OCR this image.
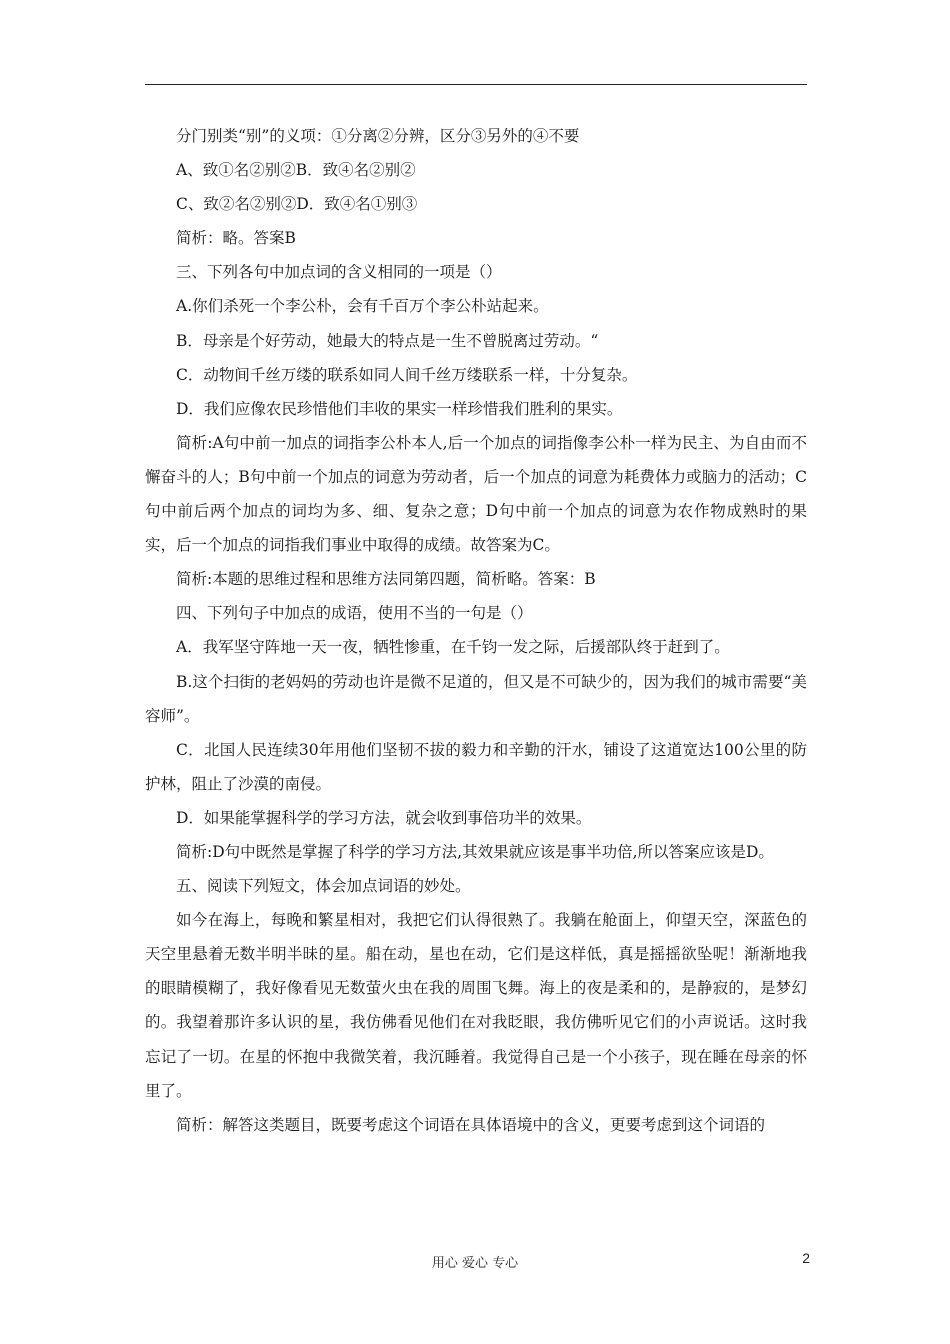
分门别类“别”的义项：①分离②分辨，区分③另外的④不要

A、致①名②别②B．致④名②别②

C、致②名②别②D．致④名①别③

简析：略。答案B

三、下列各句中加点词的含义相同的一项是（）

A.你们杀死一个李公朴，会有千百万个李公朴站起来。

B．母亲是个好劳动，她最大的特点是一生不曾脱离过劳动。“

C．动物间千丝万缕的联系如同人间千丝万缕联系一样，十分复杂。

D．我们应像农民珍惜他们丰收的果实一样珍惜我们胜利的果实。

简析:A句中前一加点的词指李公朴本人,后一个加点的词指像李公朴一样为民主、为自由而不懈奋斗的人；B句中前一个加点的词意为劳动者，后一个加点的词意为耗费体力或脑力的活动；C句中前后两个加点的词均为多、细、复杂之意；D句中前一个加点的词意为农作物成熟时的果实，后一个加点的词指我们事业中取得的成绩。故答案为C。

简析:本题的思维过程和思维方法同第四题，简析略。答案：B

四、下列句子中加点的成语，使用不当的一句是（）

A．我军坚守阵地一天一夜，牺牲惨重，在千钧一发之际，后援部队终于赶到了。

B.这个扫街的老妈妈的劳动也许是微不足道的，但又是不可缺少的，因为我们的城市需要“美容师”。

C．北国人民连续30年用他们坚韧不拔的毅力和辛勤的汗水，铺设了这道宽达100公里的防护林，阻止了沙漠的南侵。

D．如果能掌握科学的学习方法，就会收到事倍功半的效果。

简析:D句中既然是掌握了科学的学习方法,其效果就应该是事半功倍,所以答案应该是D。

五、阅读下列短文，体会加点词语的妙处。

如今在海上，每晚和繁星相对，我把它们认得很熟了。我躺在舱面上，仰望天空，深蓝色的天空里悬着无数半明半昧的星。船在动，星也在动，它们是这样低，真是摇摇欲坠呢！渐渐地我的眼睛模糊了，我好像看见无数萤火虫在我的周围飞舞。海上的夜是柔和的，是静寂的，是梦幻的。我望着那许多认识的星，我仿佛看见他们在对我眨眼，我仿佛听见它们的小声说话。这时我忘记了一切。在星的怀抱中我微笑着，我沉睡着。我觉得自己是一个小孩子，现在睡在母亲的怀里了。

简析：解答这类题目，既要考虑这个词语在具体语境中的含义，更要考虑到这个词语的

用心 爱心 专心	2
